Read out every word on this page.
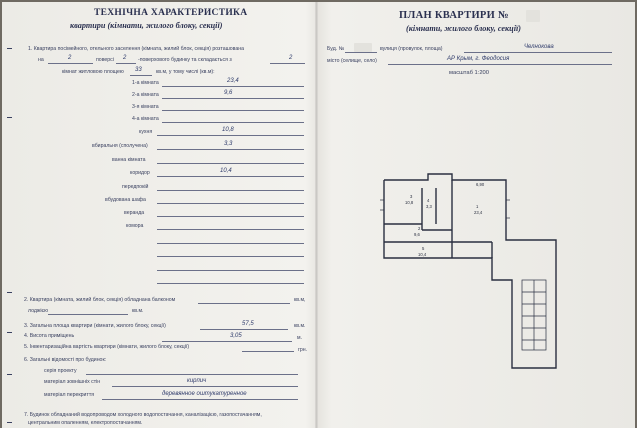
ТЕХНІЧНА ХАРАКТЕРИСТИКА
квартири (кімнати, жилого блоку, секції)
1. Квартира посімейного, отельного заселення (кімната, жилий блок, секція) розташована
на	2	поверсі 2 -поверхового будинку та складається з	2
кімнат житловою площею 33	кв.м, у тому числі (кв.м):
1-а кімната	23,4
2-а кімната	9,6
3-я кімната
4-а кімната
кухня	10,8
вбиральня (сполучена)	3,3
ванна кімната
коридор	10,4
передпокій
вбудована шафа
веранда
комора
2. Квартира (кімната, жилий блок, секція) обладнана балконом	кв.м,
лоджією	кв.м.
3. Загальна площа квартири (кімнати, жилого блоку, секції)	57,5	кв.м.
4. Висота приміщень	3,05	м.
5. Інвентаризаційна вартість квартири (кімнати, жилого блоку, секції)	грн.
6. Загальні відомості про будинок:
серія проекту
матеріал зовнішніх стін	кирпич
матеріал перекриття	деревянное оштукатуренное
7. Будинок обладнаний водопроводом холодного водопостачання, каналізацією, газопостачанням,
центральним опаленням, електропостачанням.
ПЛАН КВАРТИРИ №
(кімнати, жилого блоку, секції)
Буд. №	вулиця (провулок, площа)	Челнокова
місто (селище, село)	АР Крым, г. Феодосия
масштаб 1:200
3
10,8	4
3,3
2
9,6
1
23,4
5
10,4
6,90
